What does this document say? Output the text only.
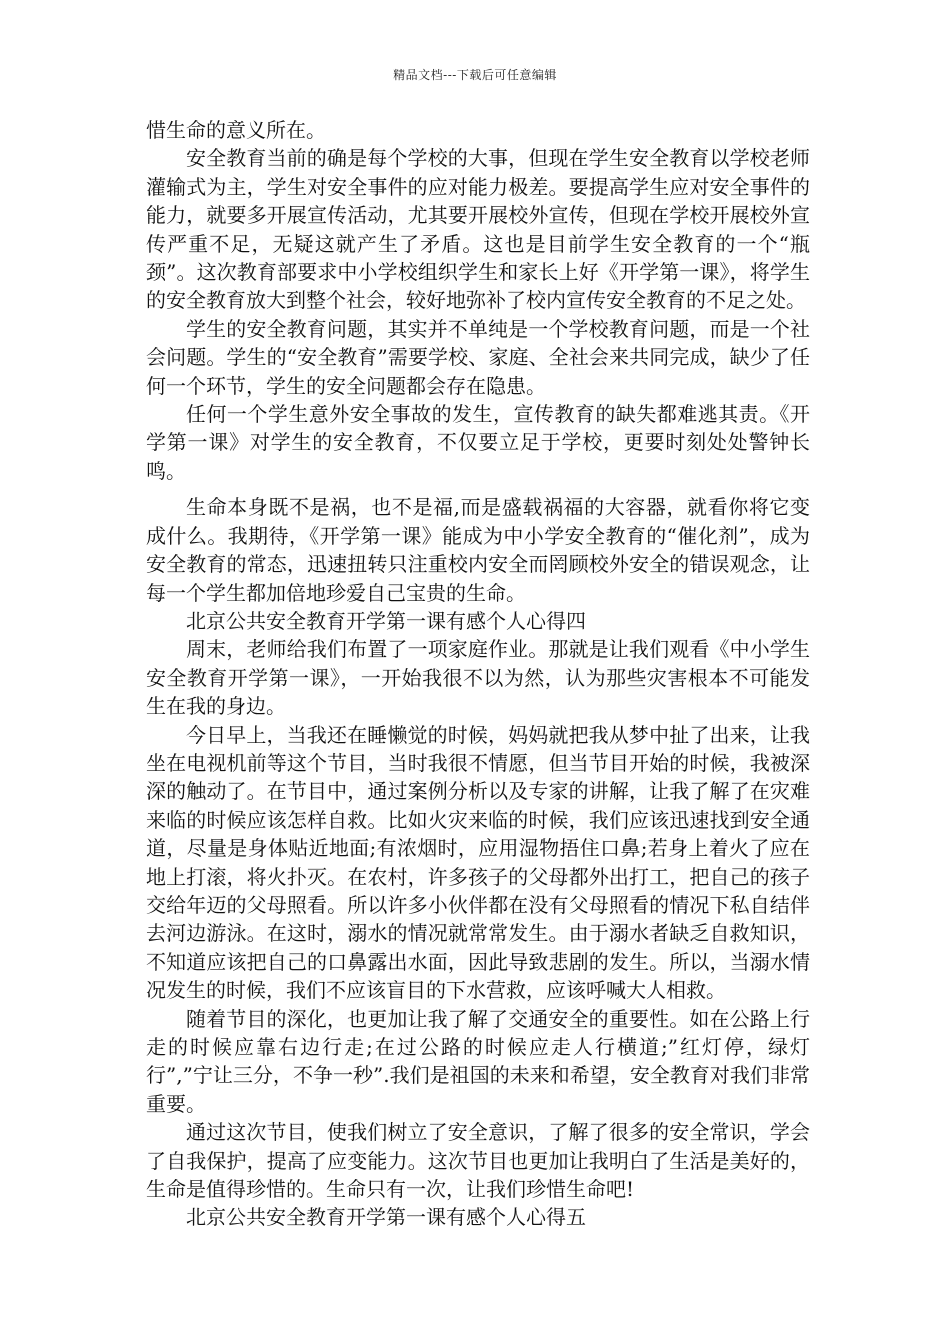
精品文档---下载后可任意编辑

惜生命的意义所在。

安全教育当前的确是每个学校的大事，但现在学生安全教育以学校老师灌输式为主，学生对安全事件的应对能力极差。要提高学生应对安全事件的能力，就要多开展宣传活动，尤其要开展校外宣传，但现在学校开展校外宣传严重不足，无疑这就产生了矛盾。这也是目前学生安全教育的一个“瓶颈”。这次教育部要求中小学校组织学生和家长上好《开学第一课》，将学生的安全教育放大到整个社会，较好地弥补了校内宣传安全教育的不足之处。

学生的安全教育问题，其实并不单纯是一个学校教育问题，而是一个社会问题。学生的“安全教育”需要学校、家庭、全社会来共同完成，缺少了任何一个环节，学生的安全问题都会存在隐患。

任何一个学生意外安全事故的发生，宣传教育的缺失都难逃其责。《开学第一课》对学生的安全教育，不仅要立足于学校，更要时刻处处警钟长鸣。

生命本身既不是祸，也不是福,而是盛载祸福的大容器，就看你将它变成什么。我期待，《开学第一课》能成为中小学安全教育的“催化剂”，成为安全教育的常态，迅速扭转只注重校内安全而罔顾校外安全的错误观念，让每一个学生都加倍地珍爱自己宝贵的生命。

北京公共安全教育开学第一课有感个人心得四

周末，老师给我们布置了一项家庭作业。那就是让我们观看《中小学生安全教育开学第一课》，一开始我很不以为然，认为那些灾害根本不可能发生在我的身边。

今日早上，当我还在睡懒觉的时候，妈妈就把我从梦中扯了出来，让我坐在电视机前等这个节目，当时我很不情愿，但当节目开始的时候，我被深深的触动了。在节目中，通过案例分析以及专家的讲解，让我了解了在灾难来临的时候应该怎样自救。比如火灾来临的时候，我们应该迅速找到安全通道，尽量是身体贴近地面;有浓烟时，应用湿物捂住口鼻;若身上着火了应在地上打滚，将火扑灭。在农村，许多孩子的父母都外出打工，把自己的孩子交给年迈的父母照看。所以许多小伙伴都在没有父母照看的情况下私自结伴去河边游泳。在这时，溺水的情况就常常发生。由于溺水者缺乏自救知识，不知道应该把自己的口鼻露出水面，因此导致悲剧的发生。所以，当溺水情况发生的时候，我们不应该盲目的下水营救，应该呼喊大人相救。

随着节目的深化，也更加让我了解了交通安全的重要性。如在公路上行走的时候应靠右边行走;在过公路的时候应走人行横道;”红灯停，绿灯行”,”宁让三分，不争一秒”.我们是祖国的未来和希望，安全教育对我们非常重要。

通过这次节目，使我们树立了安全意识，了解了很多的安全常识，学会了自我保护，提高了应变能力。这次节目也更加让我明白了生活是美好的，生命是值得珍惜的。生命只有一次，让我们珍惜生命吧!

北京公共安全教育开学第一课有感个人心得五
